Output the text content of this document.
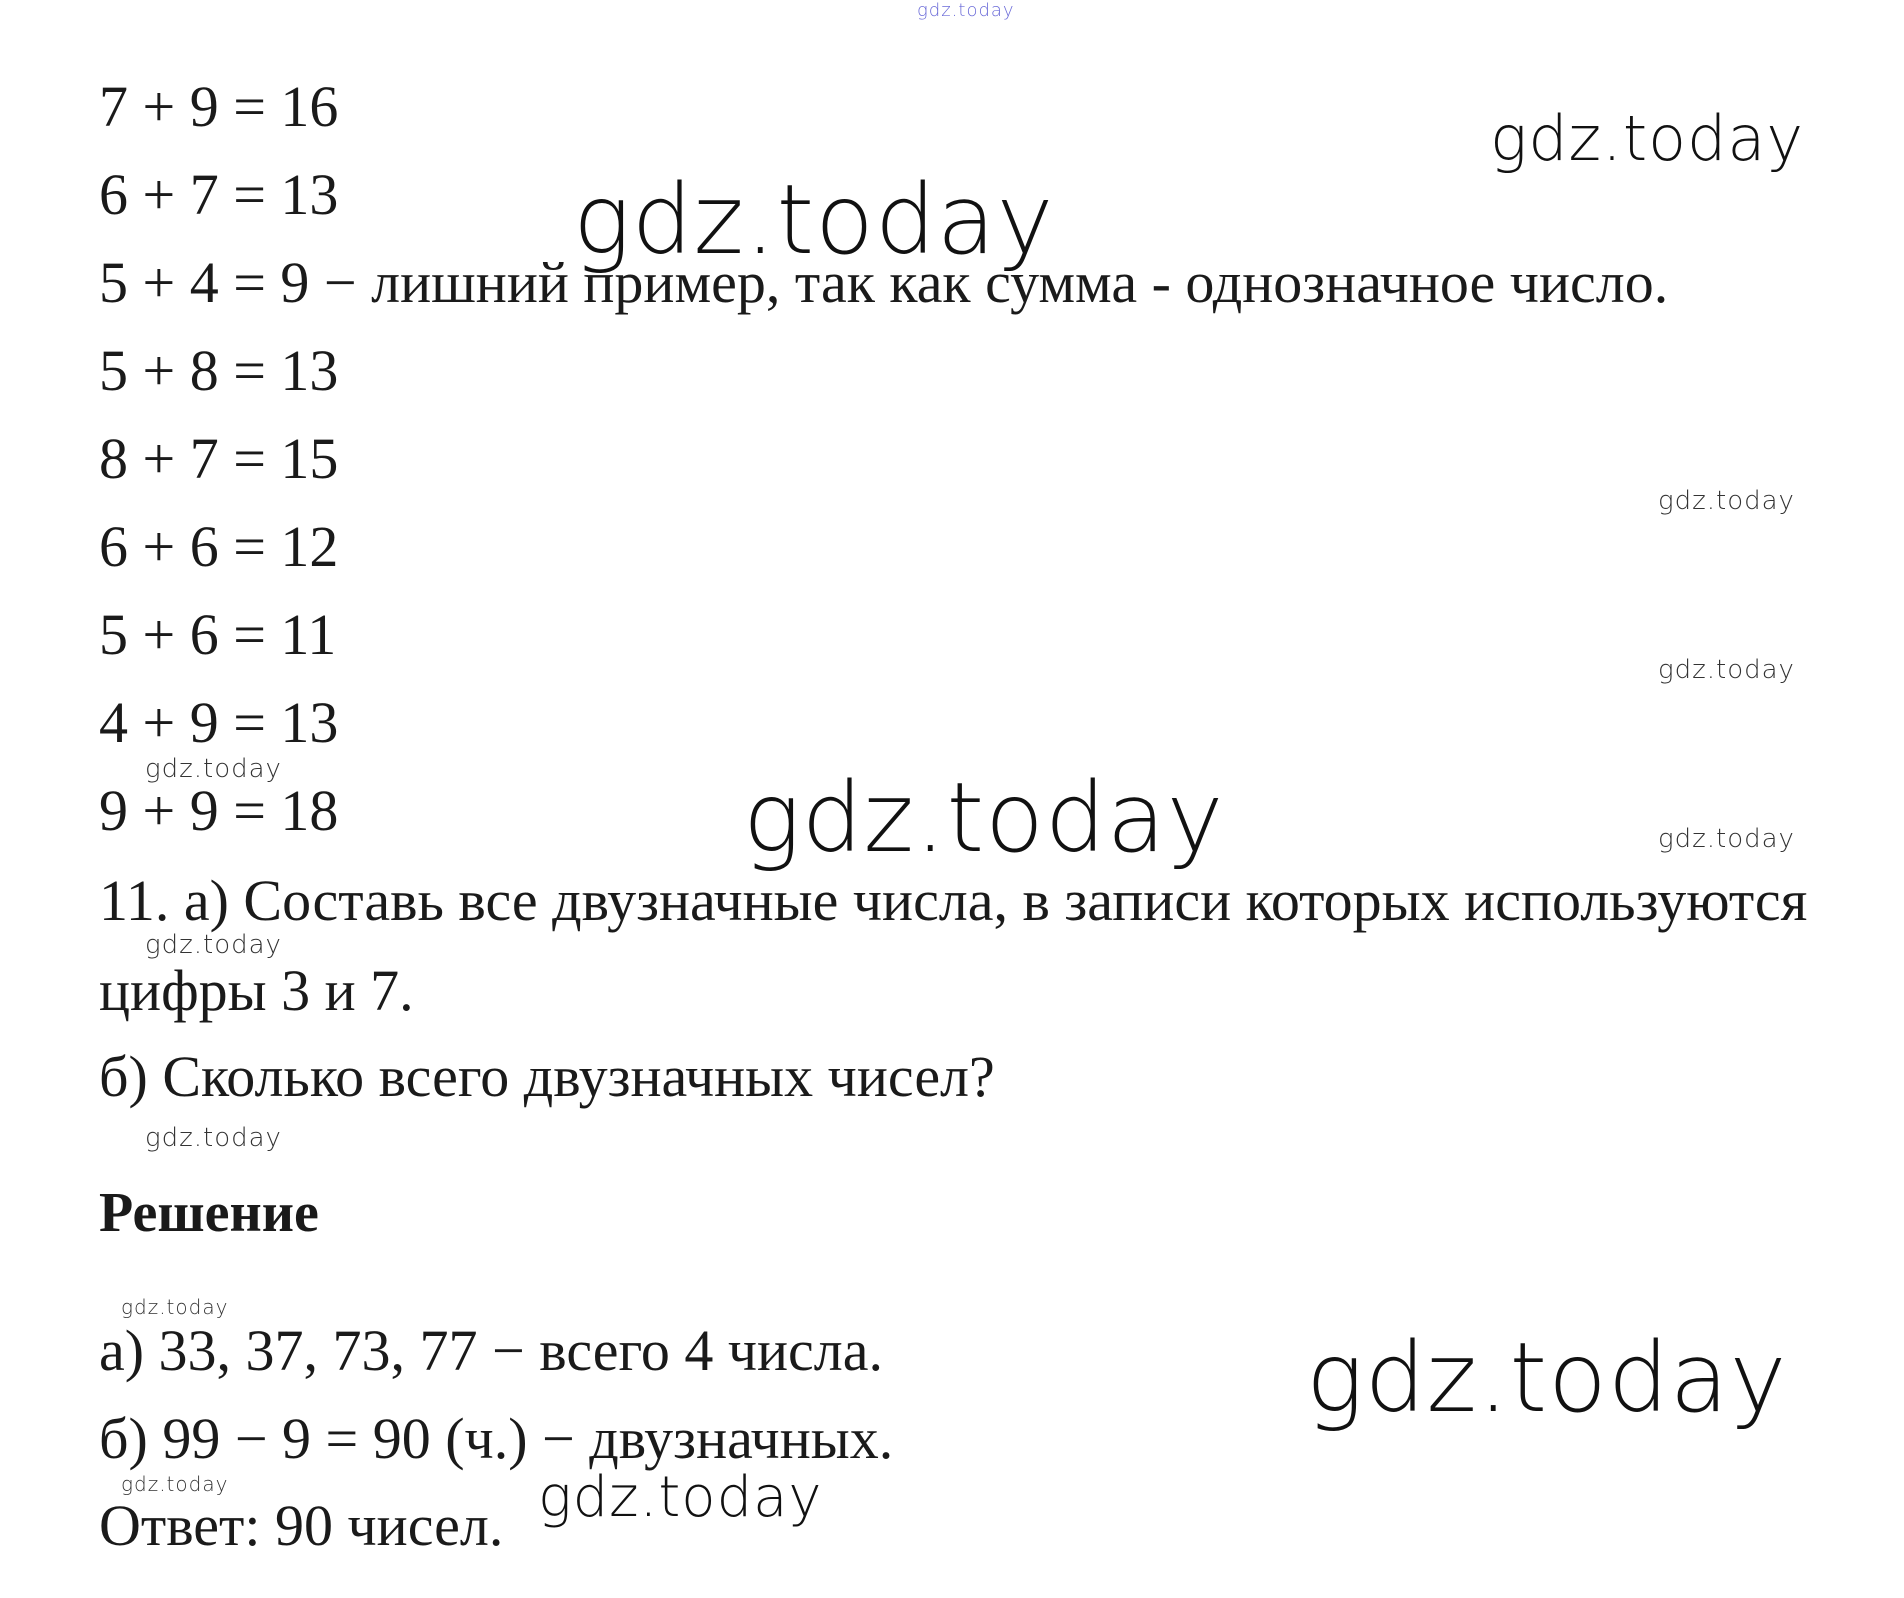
7 + 9 = 16
6 + 7 = 13
5 + 4 = 9 − лишний пример, так как сумма - однозначное число.
5 + 8 = 13
8 + 7 = 15
6 + 6 = 12
5 + 6 = 11
4 + 9 = 13
9 + 9 = 18
11. а) Составь все двузначные числа, в записи которых используются
цифры 3 и 7.
б) Сколько всего двузначных чисел?
Решение
а) 33, 37, 73, 77 − всего 4 числа.
б) 99 − 9 = 90 (ч.) − двузначных.
Ответ: 90 чисел.
gdz.today
gdz.today
gdz.today
gdz.today
gdz.today
gdz.today	gdz.today	gdz.today
gdz.today
gdz.today
gdz.today
gdz.today
gdz.today	gdz.today
